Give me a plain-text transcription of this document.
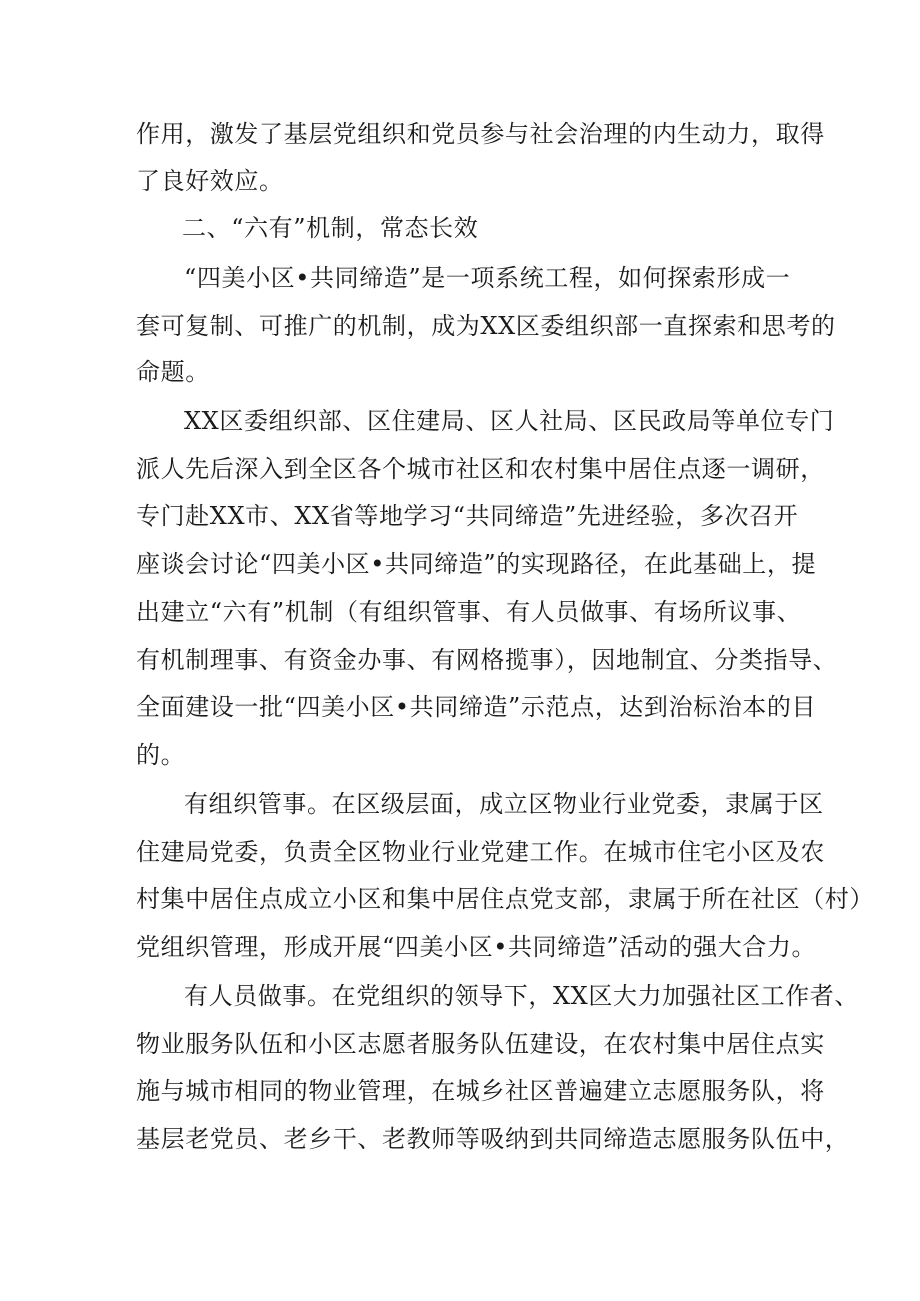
作用，激发了基层党组织和党员参与社会治理的内生动力，取得
了良好效应。
二、“六有”机制，常态长效
“四美小区•共同缔造”是一项系统工程，如何探索形成一
套可复制、可推广的机制，成为XX区委组织部一直探索和思考的
命题。
XX区委组织部、区住建局、区人社局、区民政局等单位专门
派人先后深入到全区各个城市社区和农村集中居住点逐一调研，
专门赴XX市、XX省等地学习“共同缔造”先进经验，多次召开
座谈会讨论“四美小区•共同缔造”的实现路径，在此基础上，提
出建立“六有”机制（有组织管事、有人员做事、有场所议事、
有机制理事、有资金办事、有网格揽事），因地制宜、分类指导、
全面建设一批“四美小区•共同缔造”示范点，达到治标治本的目
的。
有组织管事。在区级层面，成立区物业行业党委，隶属于区
住建局党委，负责全区物业行业党建工作。在城市住宅小区及农
村集中居住点成立小区和集中居住点党支部，隶属于所在社区（村）
党组织管理，形成开展“四美小区•共同缔造”活动的强大合力。
有人员做事。在党组织的领导下，XX区大力加强社区工作者、
物业服务队伍和小区志愿者服务队伍建设，在农村集中居住点实
施与城市相同的物业管理，在城乡社区普遍建立志愿服务队，将
基层老党员、老乡干、老教师等吸纳到共同缔造志愿服务队伍中，
